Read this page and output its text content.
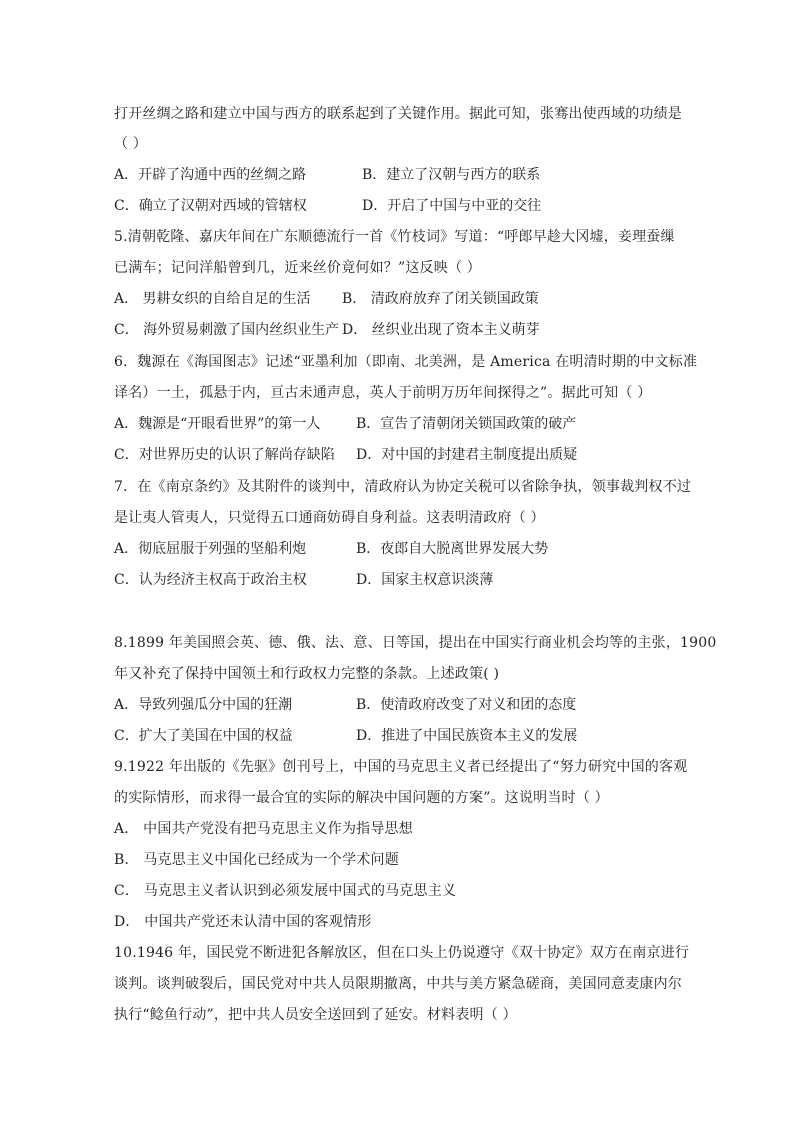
打开丝绸之路和建立中国与西方的联系起到了关键作用。据此可知，张骞出使西域的功绩是
（ ）
A．开辟了沟通中西的丝绸之路	B．建立了汉朝与西方的联系
C．确立了汉朝对西域的管辖权	D．开启了中国与中亚的交往
5.清朝乾隆、嘉庆年间在广东顺德流行一首《竹枝词》写道：“呼郎早趁大冈墟，妾理蚕缫
已满车；记问洋船曾到几，近来丝价竟何如？”这反映（ ）
A． 男耕女织的自给自足的生活 B． 清政府放弃了闭关锁国政策
C． 海外贸易刺激了国内丝织业生产 D． 丝织业出现了资本主义萌芽
6．魏源在《海国图志》记述“亚墨利加（即南、北美洲，是 America 在明清时期的中文标准
译名）一土，孤悬于内，亘古未通声息，英人于前明万历年间探得之”。据此可知（ ）
A．魏源是“开眼看世界”的第一人	B．宣告了清朝闭关锁国政策的破产
C．对世界历史的认识了解尚存缺陷 D．对中国的封建君主制度提出质疑
7．在《南京条约》及其附件的谈判中，清政府认为协定关税可以省除争执，领事裁判权不过
是让夷人管夷人，只觉得五口通商妨碍自身利益。这表明清政府（ ）
A．彻底屈服于列强的坚船利炮	B．夜郎自大脱离世界发展大势
C．认为经济主权高于政治主权	D．国家主权意识淡薄
8.1899 年美国照会英、德、俄、法、意、日等国，提出在中国实行商业机会均等的主张，1900
年又补充了保持中国领土和行政权力完整的条款。上述政策( )
A．导致列强瓜分中国的狂潮	B．使清政府改变了对义和团的态度
C．扩大了美国在中国的权益	D．推进了中国民族资本主义的发展
9.1922 年出版的《先驱》创刊号上，中国的马克思主义者已经提出了“努力研究中国的客观
的实际情形，而求得一最合宜的实际的解决中国问题的方案”。这说明当时（ ）
A． 中国共产党没有把马克思主义作为指导思想
B． 马克思主义中国化已经成为一个学术问题
C． 马克思主义者认识到必须发展中国式的马克思主义
D． 中国共产党还未认清中国的客观情形
10.1946 年，国民党不断进犯各解放区，但在口头上仍说遵守《双十协定》双方在南京进行
谈判。谈判破裂后，国民党对中共人员限期撤离，中共与美方紧急磋商，美国同意麦康内尔
执行“鲶鱼行动”，把中共人员安全送回到了延安。材料表明（ ）
